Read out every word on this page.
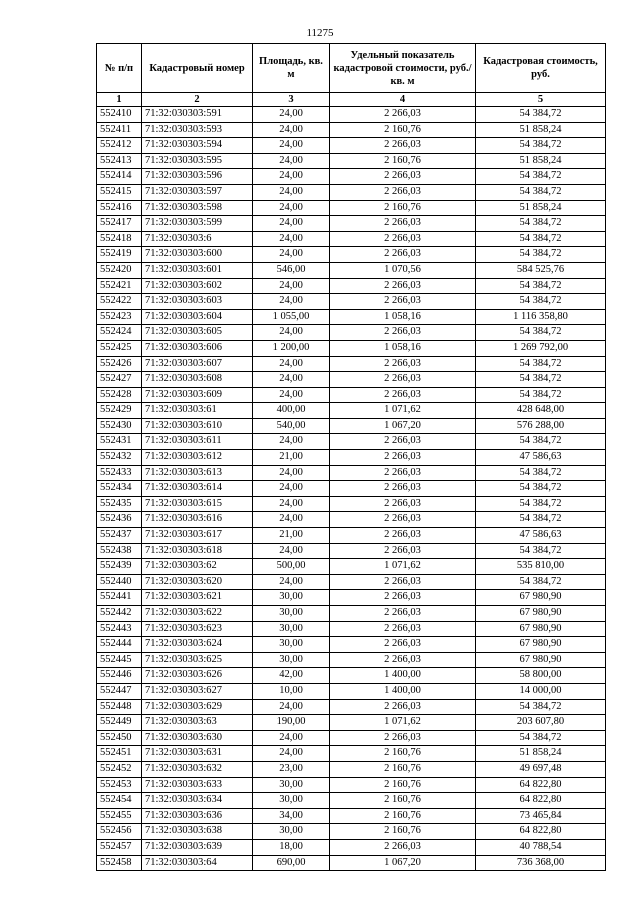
11275
№ п/п	Кадастровый номер	Площадь, кв. м	Удельный показатель кадастровой стоимости, руб./кв. м	Кадастровая стоимость, руб.
1	2	3	4	5
552410	71:32:030303:591	24,00	2 266,03	54 384,72
552411	71:32:030303:593	24,00	2 160,76	51 858,24
552412	71:32:030303:594	24,00	2 266,03	54 384,72
552413	71:32:030303:595	24,00	2 160,76	51 858,24
552414	71:32:030303:596	24,00	2 266,03	54 384,72
552415	71:32:030303:597	24,00	2 266,03	54 384,72
552416	71:32:030303:598	24,00	2 160,76	51 858,24
552417	71:32:030303:599	24,00	2 266,03	54 384,72
552418	71:32:030303:6	24,00	2 266,03	54 384,72
552419	71:32:030303:600	24,00	2 266,03	54 384,72
552420	71:32:030303:601	546,00	1 070,56	584 525,76
552421	71:32:030303:602	24,00	2 266,03	54 384,72
552422	71:32:030303:603	24,00	2 266,03	54 384,72
552423	71:32:030303:604	1 055,00	1 058,16	1 116 358,80
552424	71:32:030303:605	24,00	2 266,03	54 384,72
552425	71:32:030303:606	1 200,00	1 058,16	1 269 792,00
552426	71:32:030303:607	24,00	2 266,03	54 384,72
552427	71:32:030303:608	24,00	2 266,03	54 384,72
552428	71:32:030303:609	24,00	2 266,03	54 384,72
552429	71:32:030303:61	400,00	1 071,62	428 648,00
552430	71:32:030303:610	540,00	1 067,20	576 288,00
552431	71:32:030303:611	24,00	2 266,03	54 384,72
552432	71:32:030303:612	21,00	2 266,03	47 586,63
552433	71:32:030303:613	24,00	2 266,03	54 384,72
552434	71:32:030303:614	24,00	2 266,03	54 384,72
552435	71:32:030303:615	24,00	2 266,03	54 384,72
552436	71:32:030303:616	24,00	2 266,03	54 384,72
552437	71:32:030303:617	21,00	2 266,03	47 586,63
552438	71:32:030303:618	24,00	2 266,03	54 384,72
552439	71:32:030303:62	500,00	1 071,62	535 810,00
552440	71:32:030303:620	24,00	2 266,03	54 384,72
552441	71:32:030303:621	30,00	2 266,03	67 980,90
552442	71:32:030303:622	30,00	2 266,03	67 980,90
552443	71:32:030303:623	30,00	2 266,03	67 980,90
552444	71:32:030303:624	30,00	2 266,03	67 980,90
552445	71:32:030303:625	30,00	2 266,03	67 980,90
552446	71:32:030303:626	42,00	1 400,00	58 800,00
552447	71:32:030303:627	10,00	1 400,00	14 000,00
552448	71:32:030303:629	24,00	2 266,03	54 384,72
552449	71:32:030303:63	190,00	1 071,62	203 607,80
552450	71:32:030303:630	24,00	2 266,03	54 384,72
552451	71:32:030303:631	24,00	2 160,76	51 858,24
552452	71:32:030303:632	23,00	2 160,76	49 697,48
552453	71:32:030303:633	30,00	2 160,76	64 822,80
552454	71:32:030303:634	30,00	2 160,76	64 822,80
552455	71:32:030303:636	34,00	2 160,76	73 465,84
552456	71:32:030303:638	30,00	2 160,76	64 822,80
552457	71:32:030303:639	18,00	2 266,03	40 788,54
552458	71:32:030303:64	690,00	1 067,20	736 368,00
